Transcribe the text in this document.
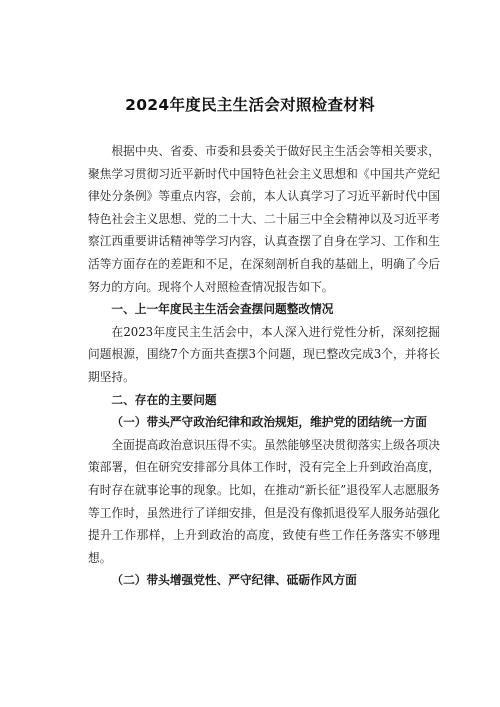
2024年度民主生活会对照检查材料

根据中央、省委、市委和县委关于做好民主生活会等相关要求，聚焦学习贯彻习近平新时代中国特色社会主义思想和《中国共产党纪律处分条例》等重点内容，会前，本人认真学习了习近平新时代中国特色社会主义思想、党的二十大、二十届三中全会精神以及习近平考察江西重要讲话精神等学习内容，认真查摆了自身在学习、工作和生活等方面存在的差距和不足，在深刻剖析自我的基础上，明确了今后努力的方向。现将个人对照检查情况报告如下。

一、上一年度民主生活会查摆问题整改情况

在2023年度民主生活会中，本人深入进行党性分析，深刻挖掘问题根源，围绕7个方面共查摆3个问题，现已整改完成3个，并将长期坚持。

二、存在的主要问题

（一）带头严守政治纪律和政治规矩，维护党的团结统一方面

全面提高政治意识压得不实。虽然能够坚决贯彻落实上级各项决策部署，但在研究安排部分具体工作时，没有完全上升到政治高度，有时存在就事论事的现象。比如，在推动“新长征”退役军人志愿服务等工作时，虽然进行了详细安排，但是没有像抓退役军人服务站强化提升工作那样，上升到政治的高度，致使有些工作任务落实不够理想。

（二）带头增强党性、严守纪律、砥砺作风方面
